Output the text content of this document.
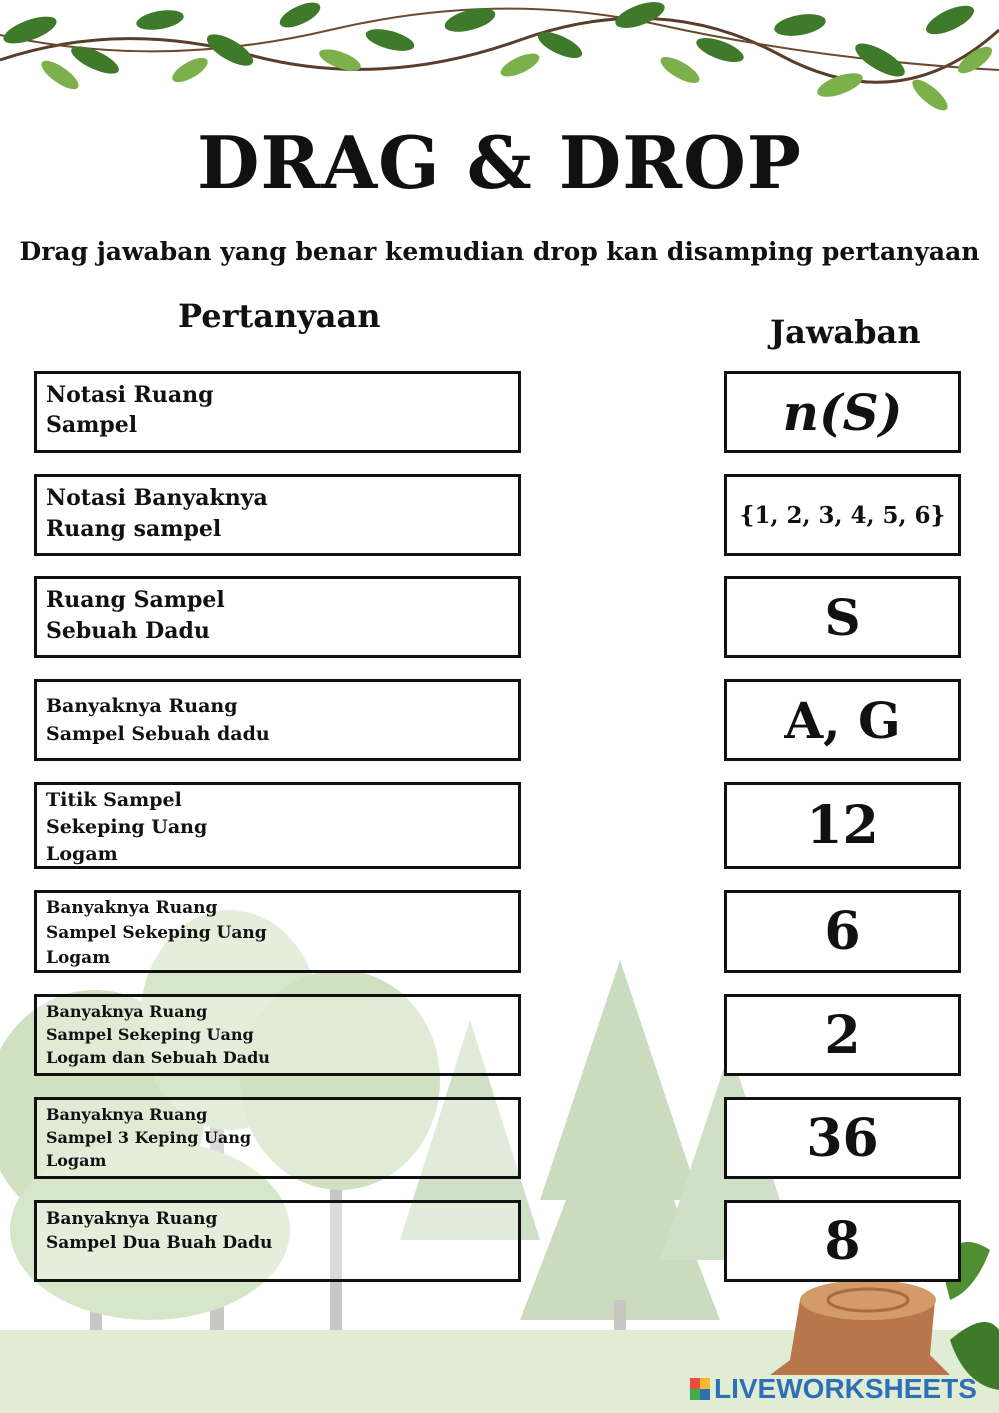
DRAG & DROP
Drag jawaban yang benar kemudian drop kan disamping pertanyaan
Pertanyaan	Jawaban
Notasi Ruang
Sampel
Notasi Banyaknya
Ruang sampel
Ruang Sampel
Sebuah Dadu
Banyaknya Ruang
Sampel Sebuah dadu
Titik Sampel
Sekeping Uang
Logam
Banyaknya Ruang
Sampel Sekeping Uang
Logam
Banyaknya Ruang
Sampel Sekeping Uang
Logam dan Sebuah Dadu
Banyaknya Ruang
Sampel 3 Keping Uang
Logam
Banyaknya Ruang
Sampel Dua Buah Dadu
n(S)
{1, 2, 3, 4, 5, 6}
S
A, G
12
6
2
36
8
LIVEWORKSHEETS
